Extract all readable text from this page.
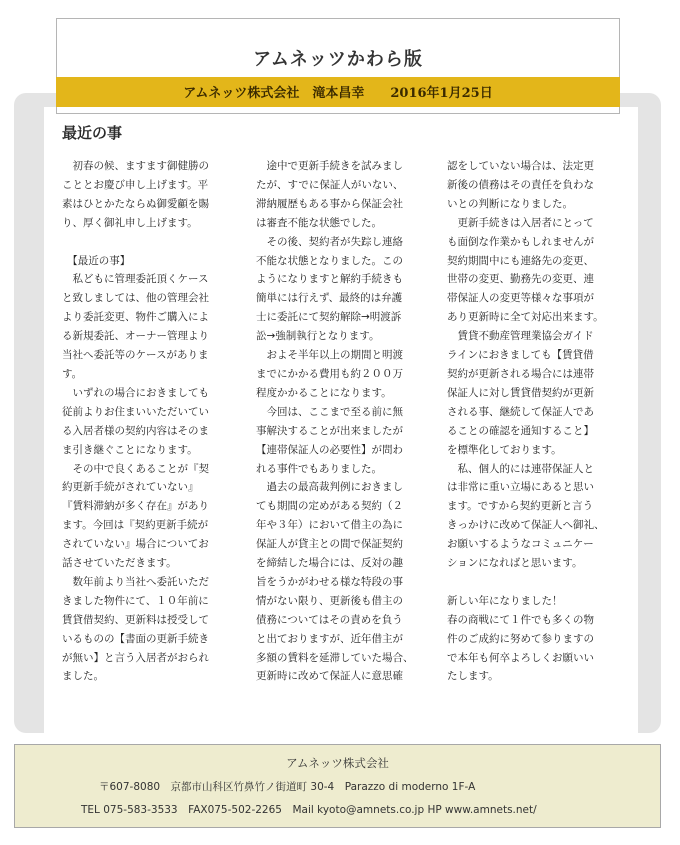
アムネッツかわら版
アムネッツ株式会社　滝本昌幸　　2016年1月25日
最近の事

　初春の候、ますます御健勝の

こととお慶び申し上げます。平

素はひとかたならぬ御愛顧を賜

り、厚く御礼申し上げます。

　【最近の事】

　私どもに管理委託頂くケース

と致しましては、他の管理会社

より委託変更、物件ご購入によ

る新規委託、オーナー管理より

当社へ委託等のケースがありま

す。

　いずれの場合におきましても

従前よりお住まいいただいてい

る入居者様の契約内容はそのま

ま引き継ぐことになります。

　その中で良くあることが『契

約更新手続がされていない』

『賃料滞納が多く存在』があり

ます。今回は『契約更新手続が

されていない』場合についてお

話させていただきます。

　数年前より当社へ委託いただ

きました物件にて、１０年前に

賃貸借契約、更新料は授受して

いるものの【書面の更新手続き

が無い】と言う入居者がおられ

ました。

　途中で更新手続きを試みまし

たが、すでに保証人がいない、

滞納履歴もある事から保証会社

は審査不能な状態でした。

　その後、契約者が失踪し連絡

不能な状態となりました。この

ようになりますと解約手続きも

簡単には行えず、最終的は弁護

士に委託にて契約解除→明渡訴

訟→強制執行となります。

　およそ半年以上の期間と明渡

までにかかる費用も約２００万

程度かかることになります。

　今回は、ここまで至る前に無

事解決することが出来ましたが

【連帯保証人の必要性】が問わ

れる事件でもありました。

　過去の最高裁判例におきまし

ても期間の定めがある契約（２

年や３年）において借主の為に

保証人が貸主との間で保証契約

を締結した場合には、反対の趣

旨をうかがわせる様な特段の事

情がない限り、更新後も借主の

債務についてはその責めを負う

と出ておりますが、近年借主が

多額の賃料を延滞していた場合、

更新時に改めて保証人に意思確

認をしていない場合は、法定更

新後の債務はその責任を負わな

いとの判断になりました。

　更新手続きは入居者にとって

も面倒な作業かもしれませんが

契約期間中にも連絡先の変更、

世帯の変更、勤務先の変更、連

帯保証人の変更等様々な事項が

あり更新時に全て対応出来ます。

　賃貸不動産管理業協会ガイド

ラインにおきましても【賃貸借

契約が更新される場合には連帯

保証人に対し賃貸借契約が更新

される事、継続して保証人であ

ることの確認を通知すること】

を標準化しております。

　私、個人的には連帯保証人と

は非常に重い立場にあると思い

ます。ですから契約更新と言う

きっかけに改めて保証人へ御礼、

お願いするようなコミュニケー

ションになればと思います。

新しい年になりました！

春の商戦にて１件でも多くの物

件のご成約に努めて参りますの

で本年も何卒よろしくお願いい

たします。

アムネッツ株式会社
〒607-8080　京都市山科区竹鼻竹ノ街道町 30-4　Parazzo di moderno 1F-A
TEL 075-583-3533　FAX075-502-2265　Mail kyoto@amnets.co.jp HP www.amnets.net/
